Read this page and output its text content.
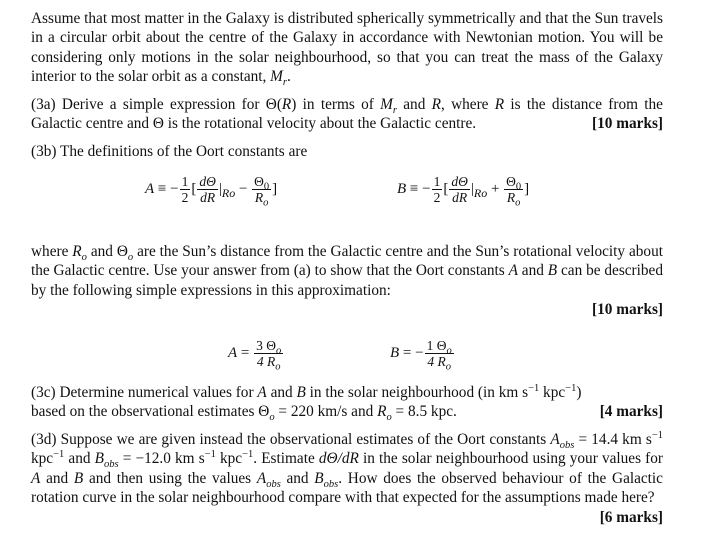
Assume that most matter in the Galaxy is distributed spherically symmetrically and that the Sun travels in a circular orbit about the centre of the Galaxy in accordance with Newtonian motion. You will be considering only motions in the solar neighbourhood, so that you can treat the mass of the Galaxy interior to the solar orbit as a constant, $M_r$.
(3a) Derive a simple expression for Θ(R) in terms of $M_r$ and R, where R is the distance from the Galactic centre and Θ is the rotational velocity about the Galactic centre.	[10 marks]
(3b) The definitions of the Oort constants are
A ≡ − $\frac{1}{2}$ [ $\frac{d\Theta}{dR} |_{Ro} - \frac{\Theta_0}{R_o}$ ]	B ≡ − $\frac{1}{2}$ [ $\frac{d\Theta}{dR} |_{Ro} + \frac{\Theta_0}{R_o}$ ]
where $R_o$ and $\Theta_o$ are the Sun’s distance from the Galactic centre and the Sun’s rotational velocity about the Galactic centre. Use your answer from (a) to show that the Oort constants A and B can be described by the following simple expressions in this approximation:

[10 marks]
$A = \frac{3 \Theta_o}{4 R_o}$	B = − $\frac{1 \Theta_o}{4 R_o}$
(3c) Determine numerical values for A and B in the solar neighbourhood (in km $s^{-1}$ kpc$^{-1}$)
based on the observational estimates $\Theta_o = 220$ km/s and $R_o = 8.5$ kpc.	[4 marks]
(3d) Suppose we are given instead the observational estimates of the Oort constants $A_{obs} = 14.4$ km $s^{-1}$ kpc$^{-1}$ and $B_{obs} = -12.0$ km $s^{-1}$ kpc$^{-1}$. Estimate dΘ/dR in the solar neighbourhood using your values for A and B and then using the values $A_{obs}$ and $B_{obs}$. How does the observed behaviour of the Galactic rotation curve in the solar neighbourhood compare with that expected for the assumptions made here?
[6 marks]
